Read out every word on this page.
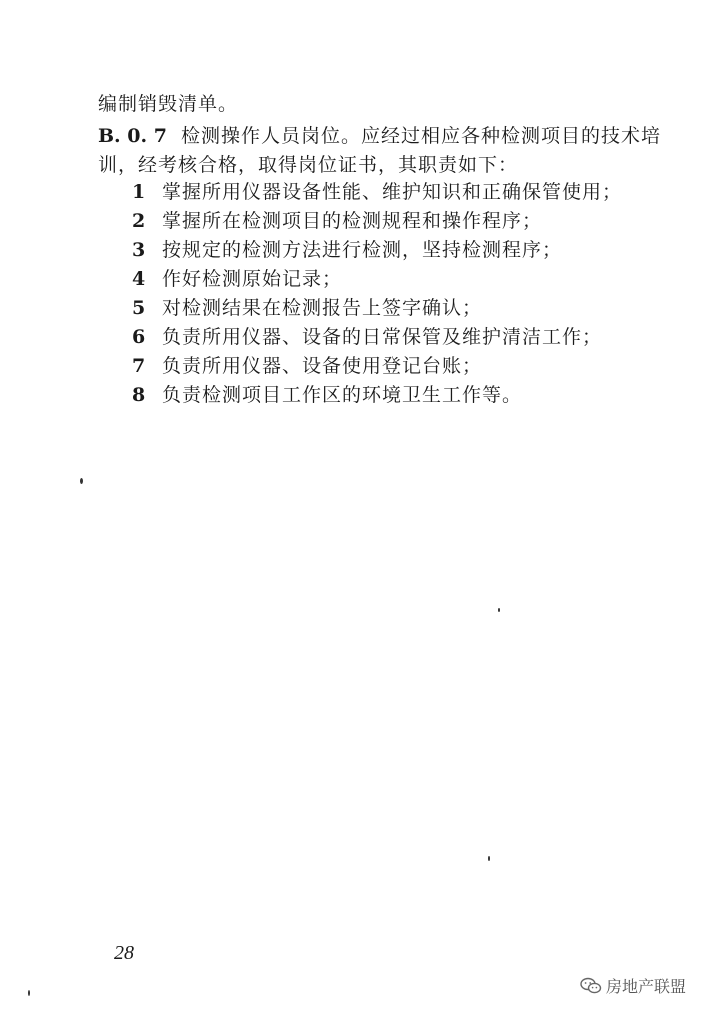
编制销毁清单。
B. 0. 7 检测操作人员岗位。应经过相应各种检测项目的技术培
训，经考核合格，取得岗位证书，其职责如下：
1 掌握所用仪器设备性能、维护知识和正确保管使用；
2 掌握所在检测项目的检测规程和操作程序；
3 按规定的检测方法进行检测，坚持检测程序；
4 作好检测原始记录；
5 对检测结果在检测报告上签字确认；
6 负责所用仪器、设备的日常保管及维护清洁工作；
7 负责所用仪器、设备使用登记台账；
8 负责检测项目工作区的环境卫生工作等。
28
房地产联盟
